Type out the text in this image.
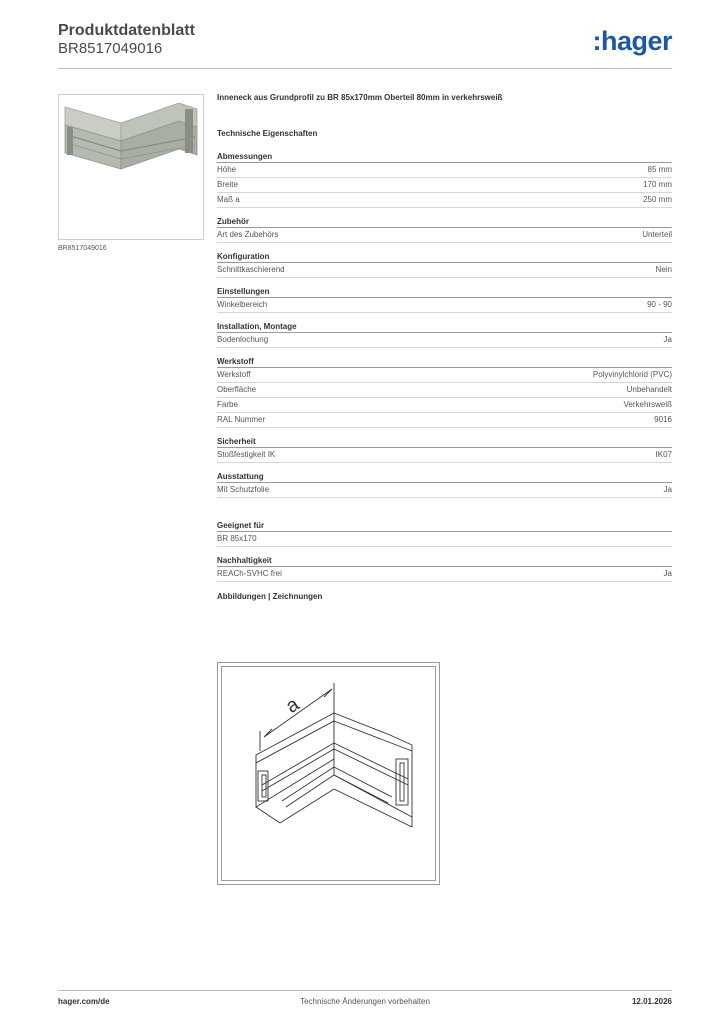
Produktdatenblatt
BR8517049016	:hager
BR8517049016
Inneneck aus Grundprofil zu BR 85x170mm Oberteil 80mm in verkehrsweiß
Technische Eigenschaften
Abmessungen
Höhe	85 mm
Breite	170 mm
Maß a	250 mm
Zubehör
Art des Zubehörs	Unterteil
Konfiguration
Schnittkaschierend	Nein
Einstellungen
Winkelbereich	90 - 90
Installation, Montage
Bodenlochung	Ja
Werkstoff
Werkstoff	Polyvinylchlorid (PVC)
Oberfläche	Unbehandelt
Farbe	Verkehrsweiß
RAL Nummer	9016
Sicherheit
Stoßfestigkeit IK	IK07
Ausstattung
Mit Schutzfolie	Ja
Geeignet für
BR 85x170
Nachhaltigkeit
REACh-SVHC frei	Ja
Abbildungen | Zeichnungen
a
hager.com/de	Technische Änderungen vorbehalten	12.01.2026
